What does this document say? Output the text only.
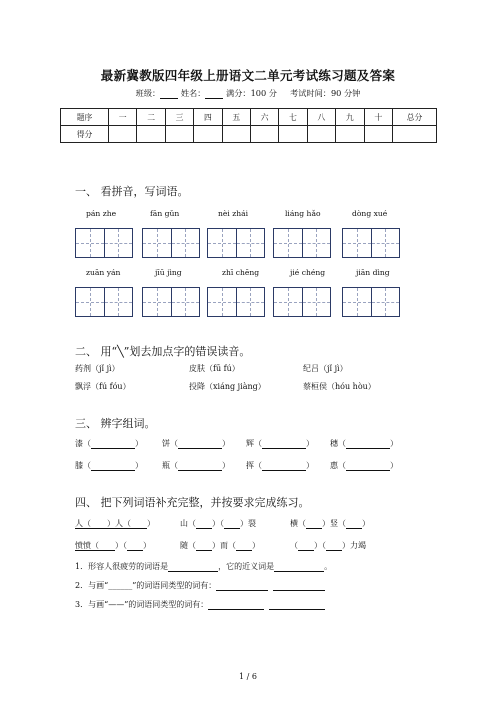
最新冀教版四年级上册语文二单元考试练习题及答案
班级：	姓名：	满分：100 分 考试时间：90 分钟
题序	一	二	三	四	五	六	七	八	九	十	总分
得分											
一、 看拼音，写词语。
pán zhe	fān gǔn	nèi zhái	liáng hǎo	dòng xué
zuān yán	jīū jìng	zhī chēng	jié chéng	jiān dìng
二、 用“╲”划去加点字的错误读音。
药剂（jǐ jì）	皮肤（fū fú）	纪吕（jǐ jì）
飘浮（fú fóu）	投降（xiáng jiàng）	蔡桓侯（hóu hòu）
三、 辨字组词。
漆（	） 饼（	） 辉（	） 穗（	）
膝（	） 瓶（	） 挥（	） 惠（	）
四、 把下列词语补充完整，并按要求完成练习。
人（ ）人（ ）	山（ ）（ ）裂	横（ ）竖（ ）
愤愤（ ）（ ）	随（ ）而（ ）	（ ）（ ）力竭
1．形容人很疲劳的词语是	，它的近义词是	。
2．与画“______”的词语同类型的词有：
3．与画“——”的词语同类型的词有：
1 / 6
